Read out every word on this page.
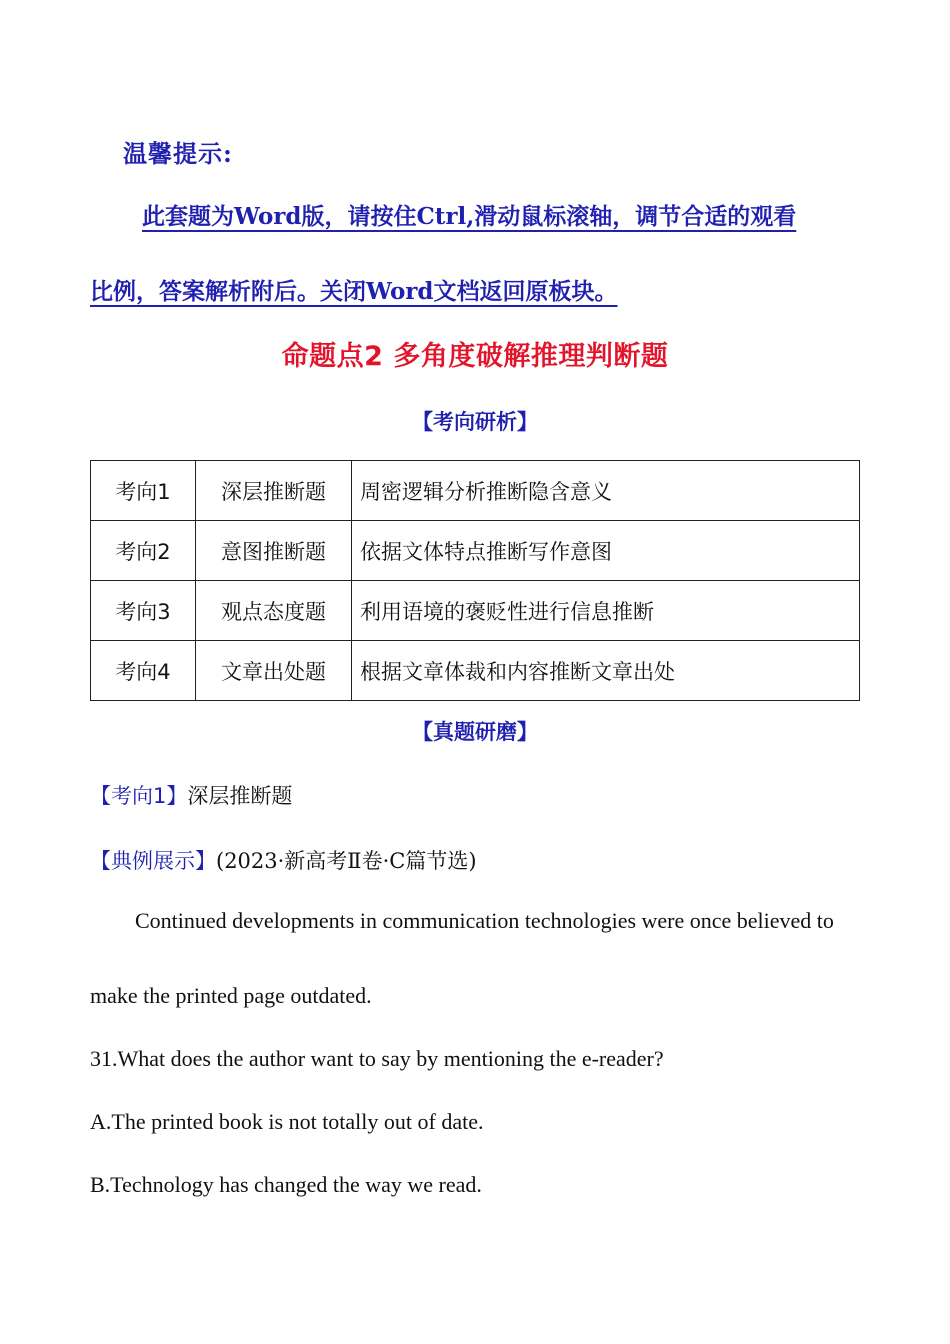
温馨提示:
此套题为Word版，请按住Ctrl,滑动鼠标滚轴，调节合适的观看
比例，答案解析附后。关闭Word文档返回原板块。
命题点2 多角度破解推理判断题
【考向研析】
考向1	深层推断题	周密逻辑分析推断隐含意义
考向2	意图推断题	依据文体特点推断写作意图
考向3	观点态度题	利用语境的褒贬性进行信息推断
考向4	文章出处题	根据文章体裁和内容推断文章出处
【真题研磨】
【考向1】深层推断题
【典例展示】(2023·新高考Ⅱ卷·C篇节选)
Continued developments in communication technologies were once believed to
make the printed page outdated.
31.What does the author want to say by mentioning the e-reader?
A.The printed book is not totally out of date.
B.Technology has changed the way we read.
